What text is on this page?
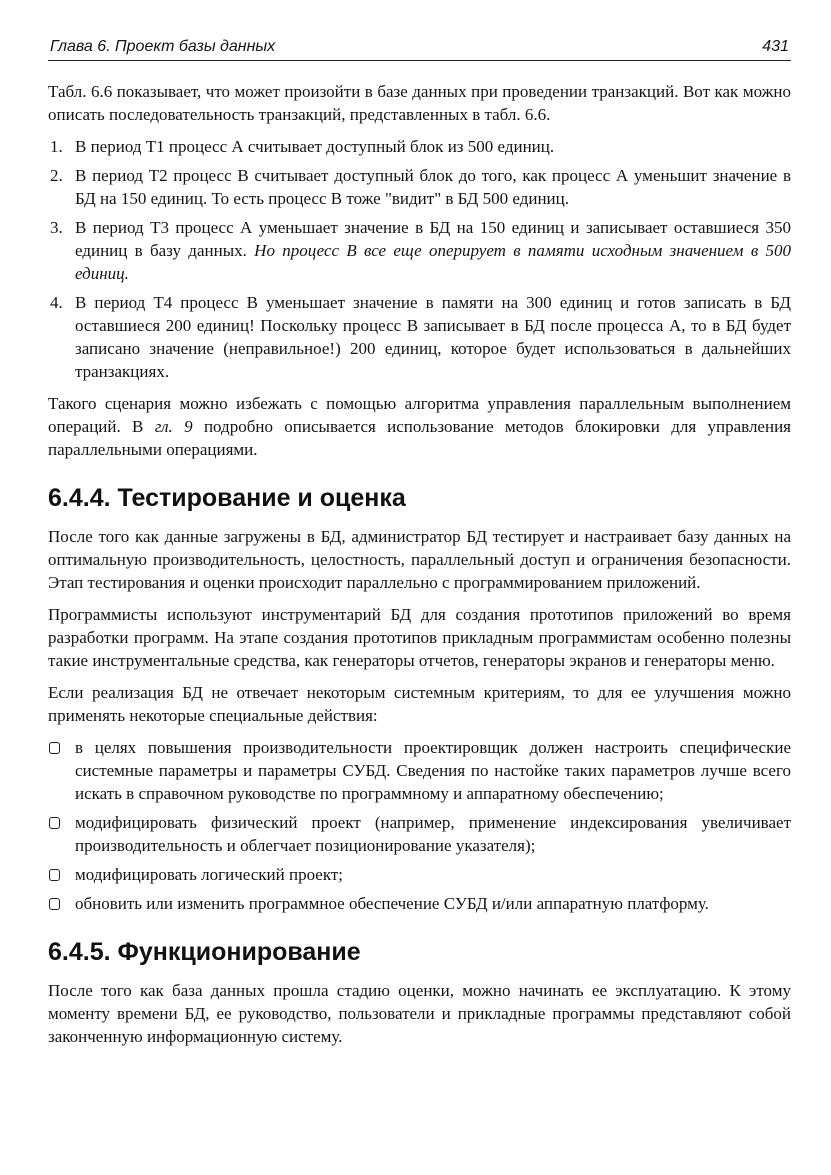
Глава 6. Проект базы данных	431

Табл. 6.6 показывает, что может произойти в базе данных при проведении транзакций. Вот как можно описать последовательность транзакций, представленных в табл. 6.6.

1. В период Т1 процесс А считывает доступный блок из 500 единиц.
2. В период Т2 процесс В считывает доступный блок до того, как процесс А уменьшит значение в БД на 150 единиц. То есть процесс В тоже "видит" в БД 500 единиц.
3. В период Т3 процесс А уменьшает значение в БД на 150 единиц и записывает оставшиеся 350 единиц в базу данных. Но процесс В все еще оперирует в памяти исходным значением в 500 единиц.
4. В период Т4 процесс В уменьшает значение в памяти на 300 единиц и готов записать в БД оставшиеся 200 единиц! Поскольку процесс В записывает в БД после процесса А, то в БД будет записано значение (неправильное!) 200 единиц, которое будет использоваться в дальнейших транзакциях.

Такого сценария можно избежать с помощью алгоритма управления параллельным выполнением операций. В гл. 9 подробно описывается использование методов блокировки для управления параллельными операциями.

6.4.4. Тестирование и оценка

После того как данные загружены в БД, администратор БД тестирует и настраивает базу данных на оптимальную производительность, целостность, параллельный доступ и ограничения безопасности. Этап тестирования и оценки происходит параллельно с программированием приложений.

Программисты используют инструментарий БД для создания прототипов приложений во время разработки программ. На этапе создания прототипов прикладным программистам особенно полезны такие инструментальные средства, как генераторы отчетов, генераторы экранов и генераторы меню.

Если реализация БД не отвечает некоторым системным критериям, то для ее улучшения можно применять некоторые специальные действия:

в целях повышения производительности проектировщик должен настроить специфические системные параметры и параметры СУБД. Сведения по настойке таких параметров лучше всего искать в справочном руководстве по программному и аппаратному обеспечению;
модифицировать физический проект (например, применение индексирования увеличивает производительность и облегчает позиционирование указателя);
модифицировать логический проект;
обновить или изменить программное обеспечение СУБД и/или аппаратную платформу.
6.4.5. Функционирование

После того как база данных прошла стадию оценки, можно начинать ее эксплуатацию. К этому моменту времени БД, ее руководство, пользователи и прикладные программы представляют собой законченную информационную систему.
